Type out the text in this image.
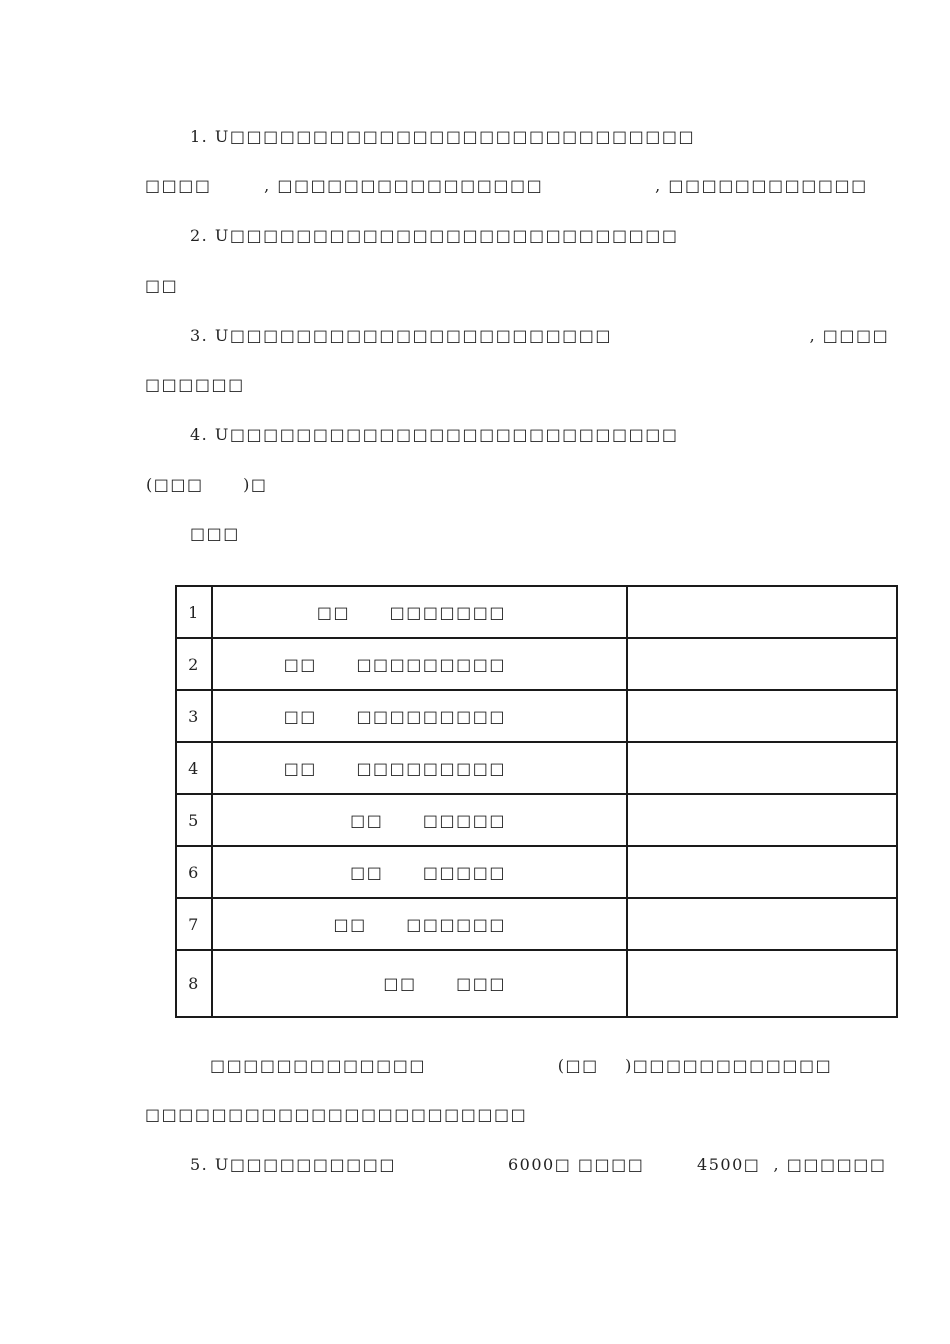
1. U□□□□□□□□□□□□□□□□□□□□□□□□□□□□
□□□□        , □□□□□□□□□□□□□□□□                 , □□□□□□□□□□□□
2. U□□□□□□□□□□□□□□□□□□□□□□□□□□□
□□
3. U□□□□□□□□□□□□□□□□□□□□□□□                              , □□□□
□□□□□□
4. U□□□□□□□□□□□□□□□□□□□□□□□□□□□
(□□□      )□
□□□
1	□□      □□□□□□□	
2	□□      □□□□□□□□□	
3	□□      □□□□□□□□□	
4	□□      □□□□□□□□□	
5	□□      □□□□□	
6	□□      □□□□□	
7	□□      □□□□□□	
8	□□      □□□	
□□□□□□□□□□□□□                    (□□    )□□□□□□□□□□□□
□□□□□□□□□□□□□□□□□□□□□□□
5. U□□□□□□□□□□                 6000□ □□□□        4500□  , □□□□□□
